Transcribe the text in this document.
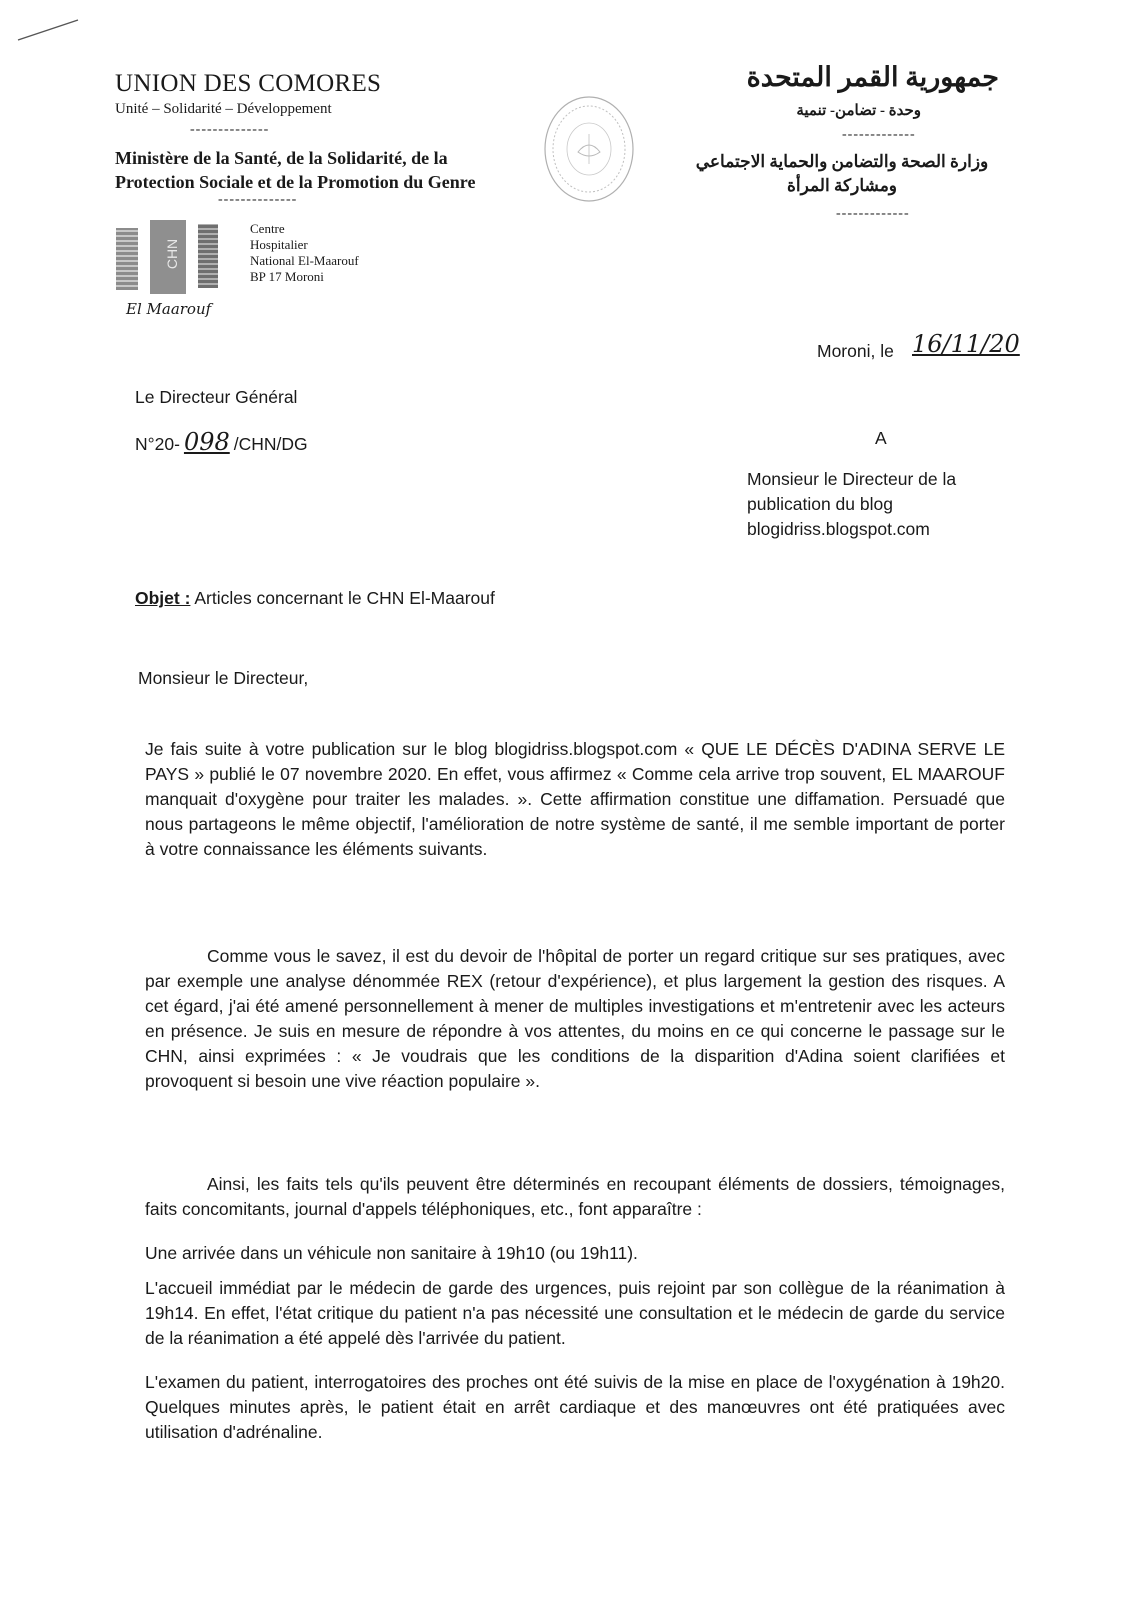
UNION DES COMORES
Unité – Solidarité – Développement
--------------
Ministère de la Santé, de la Solidarité, de la Protection Sociale et de la Promotion du Genre
--------------
جمهورية القمر المتحدة
وحدة - تضامن- تنمية
-------------
وزارة الصحة والتضامن والحماية الاجتماعي ومشاركة المرأة
-------------
CHN
Centre
Hospitalier
National El-Maarouf
BP 17 Moroni
El Maarouf
Moroni, le 16/11/20
Le Directeur Général
N°20- 098 /CHN/DG	A
Monsieur le Directeur de la
publication du blog
blogidriss.blogspot.com
Objet : Articles concernant le CHN El-Maarouf
Monsieur le Directeur,
Je fais suite à votre publication sur le blog blogidriss.blogspot.com « QUE LE DÉCÈS D'ADINA SERVE LE PAYS » publié le 07 novembre 2020. En effet, vous affirmez « Comme cela arrive trop souvent, EL MAAROUF manquait d'oxygène pour traiter les malades. ». Cette affirmation constitue une diffamation. Persuadé que nous partageons le même objectif, l'amélioration de notre système de santé, il me semble important de porter à votre connaissance les éléments suivants.
Comme vous le savez, il est du devoir de l'hôpital de porter un regard critique sur ses pratiques, avec par exemple une analyse dénommée REX (retour d'expérience), et plus largement la gestion des risques. A cet égard, j'ai été amené personnellement à mener de multiples investigations et m'entretenir avec les acteurs en présence. Je suis en mesure de répondre à vos attentes, du moins en ce qui concerne le passage sur le CHN, ainsi exprimées : « Je voudrais que les conditions de la disparition d'Adina soient clarifiées et provoquent si besoin une vive réaction populaire ».
Ainsi, les faits tels qu'ils peuvent être déterminés en recoupant éléments de dossiers, témoignages, faits concomitants, journal d'appels téléphoniques, etc., font apparaître :
Une arrivée dans un véhicule non sanitaire à 19h10 (ou 19h11).
L'accueil immédiat par le médecin de garde des urgences, puis rejoint par son collègue de la réanimation à 19h14. En effet, l'état critique du patient n'a pas nécessité une consultation et le médecin de garde du service de la réanimation a été appelé dès l'arrivée du patient.
L'examen du patient, interrogatoires des proches ont été suivis de la mise en place de l'oxygénation à 19h20. Quelques minutes après, le patient était en arrêt cardiaque et des manœuvres ont été pratiquées avec utilisation d'adrénaline.
